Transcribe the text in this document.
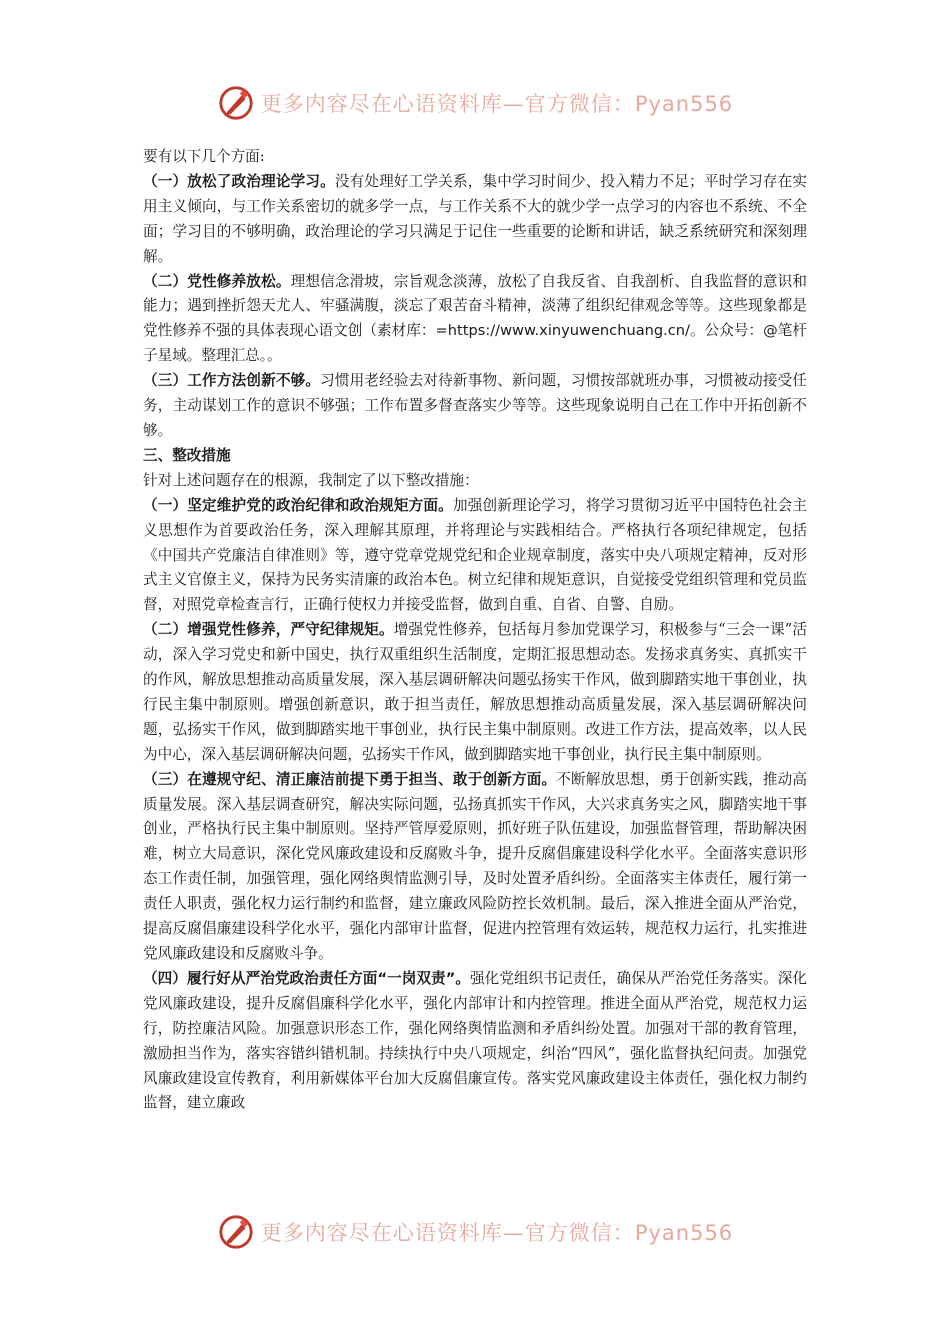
更多内容尽在心语资料库—官方微信：Pyan556

要有以下几个方面:

（一）放松了政治理论学习。没有处理好工学关系，集中学习时间少、投入精力不足；平时学习存在实用主义倾向，与工作关系密切的就多学一点，与工作关系不大的就少学一点学习的内容也不系统、不全面；学习目的不够明确，政治理论的学习只满足于记住一些重要的论断和讲话，缺乏系统研究和深刻理解。

（二）党性修养放松。理想信念滑坡，宗旨观念淡薄，放松了自我反省、自我剖析、自我监督的意识和能力；遇到挫折怨天尤人、牢骚满腹，淡忘了艰苦奋斗精神，淡薄了组织纪律观念等等。这些现象都是党性修养不强的具体表现心语文创（素材库：=https://www.xinyuwenchuang.cn/。公众号：@笔杆子星域。整理汇总。。

（三）工作方法创新不够。习惯用老经验去对待新事物、新问题，习惯按部就班办事，习惯被动接受任务，主动谋划工作的意识不够强；工作布置多督查落实少等等。这些现象说明自己在工作中开拓创新不够。

三、整改措施

针对上述问题存在的根源，我制定了以下整改措施：

（一）坚定维护党的政治纪律和政治规矩方面。加强创新理论学习，将学习贯彻习近平中国特色社会主义思想作为首要政治任务，深入理解其原理，并将理论与实践相结合。严格执行各项纪律规定，包括《中国共产党廉洁自律准则》等，遵守党章党规党纪和企业规章制度，落实中央八项规定精神，反对形式主义官僚主义，保持为民务实清廉的政治本色。树立纪律和规矩意识，自觉接受党组织管理和党员监督，对照党章检查言行，正确行使权力并接受监督，做到自重、自省、自警、自励。

（二）增强党性修养，严守纪律规矩。增强党性修养，包括每月参加党课学习，积极参与“三会一课”活动，深入学习党史和新中国史，执行双重组织生活制度，定期汇报思想动态。发扬求真务实、真抓实干的作风，解放思想推动高质量发展，深入基层调研解决问题弘扬实干作风，做到脚踏实地干事创业，执行民主集中制原则。增强创新意识，敢于担当责任，解放思想推动高质量发展，深入基层调研解决问题，弘扬实干作风，做到脚踏实地干事创业，执行民主集中制原则。改进工作方法，提高效率，以人民为中心，深入基层调研解决问题，弘扬实干作风，做到脚踏实地干事创业，执行民主集中制原则。

（三）在遵规守纪、清正廉洁前提下勇于担当、敢于创新方面。不断解放思想，勇于创新实践，推动高质量发展。深入基层调查研究，解决实际问题，弘扬真抓实干作风，大兴求真务实之风，脚踏实地干事创业，严格执行民主集中制原则。坚持严管厚爱原则，抓好班子队伍建设，加强监督管理，帮助解决困难，树立大局意识，深化党风廉政建设和反腐败斗争，提升反腐倡廉建设科学化水平。全面落实意识形态工作责任制，加强管理，强化网络舆情监测引导，及时处置矛盾纠纷。全面落实主体责任，履行第一责任人职责，强化权力运行制约和监督，建立廉政风险防控长效机制。最后，深入推进全面从严治党，提高反腐倡廉建设科学化水平，强化内部审计监督，促进内控管理有效运转，规范权力运行，扎实推进党风廉政建设和反腐败斗争。

（四）履行好从严治党政治责任方面“一岗双责”。强化党组织书记责任，确保从严治党任务落实。深化党风廉政建设，提升反腐倡廉科学化水平，强化内部审计和内控管理。推进全面从严治党，规范权力运行，防控廉洁风险。加强意识形态工作，强化网络舆情监测和矛盾纠纷处置。加强对干部的教育管理，激励担当作为，落实容错纠错机制。持续执行中央八项规定，纠治“四风”，强化监督执纪问责。加强党风廉政建设宣传教育，利用新媒体平台加大反腐倡廉宣传。落实党风廉政建设主体责任，强化权力制约监督，建立廉政

更多内容尽在心语资料库—官方微信：Pyan556
